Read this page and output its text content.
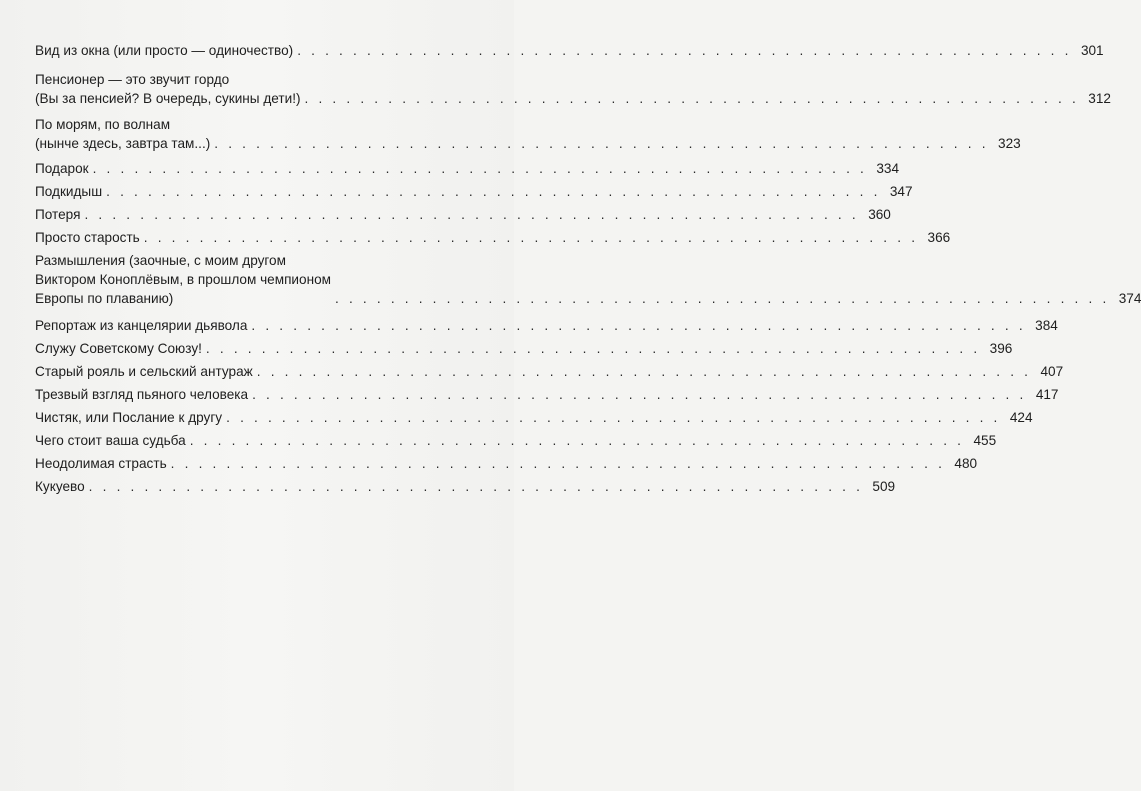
Вид из окна (или просто — одиночество) . . . . . . . . . . . . . . . . . . . . . . . . . . . . . . . . . . . . . . . . . . . . . . . . . . . . . . . . 301
Пенсионер — это звучит гордо
(Вы за пенсией? В очередь, сукины дети!) . . . . . . . . . . . . . . . . . . . . . . . . . . . . . . . . . . . . . . . . . . . . . . . . . . . . . . . . 312
По морям, по волнам
(нынче здесь, завтра там...) . . . . . . . . . . . . . . . . . . . . . . . . . . . . . . . . . . . . . . . . . . . . . . . . . . . . . . . . 323
Подарок . . . . . . . . . . . . . . . . . . . . . . . . . . . . . . . . . . . . . . . . . . . . . . . . . . . . . . . . 334
Подкидыш . . . . . . . . . . . . . . . . . . . . . . . . . . . . . . . . . . . . . . . . . . . . . . . . . . . . . . . . 347
Потеря . . . . . . . . . . . . . . . . . . . . . . . . . . . . . . . . . . . . . . . . . . . . . . . . . . . . . . . . 360
Просто старость . . . . . . . . . . . . . . . . . . . . . . . . . . . . . . . . . . . . . . . . . . . . . . . . . . . . . . . . 366
Размышления (заочные, с моим другом
Виктором Коноплёвым, в прошлом чемпионом
Европы по плаванию)	. . . . . . . . . . . . . . . . . . . . . . . . . . . . . . . . . . . . . . . . . . . . . . . . . . . . . . . . 374
Репортаж из канцелярии дьявола . . . . . . . . . . . . . . . . . . . . . . . . . . . . . . . . . . . . . . . . . . . . . . . . . . . . . . . . 384
Служу Советскому Союзу! . . . . . . . . . . . . . . . . . . . . . . . . . . . . . . . . . . . . . . . . . . . . . . . . . . . . . . . . 396
Старый рояль и сельский антураж . . . . . . . . . . . . . . . . . . . . . . . . . . . . . . . . . . . . . . . . . . . . . . . . . . . . . . . . 407
Трезвый взгляд пьяного человека . . . . . . . . . . . . . . . . . . . . . . . . . . . . . . . . . . . . . . . . . . . . . . . . . . . . . . . . 417
Чистяк, или Послание к другу . . . . . . . . . . . . . . . . . . . . . . . . . . . . . . . . . . . . . . . . . . . . . . . . . . . . . . . . 424
Чего стоит ваша судьба . . . . . . . . . . . . . . . . . . . . . . . . . . . . . . . . . . . . . . . . . . . . . . . . . . . . . . . . 455
Неодолимая страсть . . . . . . . . . . . . . . . . . . . . . . . . . . . . . . . . . . . . . . . . . . . . . . . . . . . . . . . . 480
Кукуево . . . . . . . . . . . . . . . . . . . . . . . . . . . . . . . . . . . . . . . . . . . . . . . . . . . . . . . . 509
